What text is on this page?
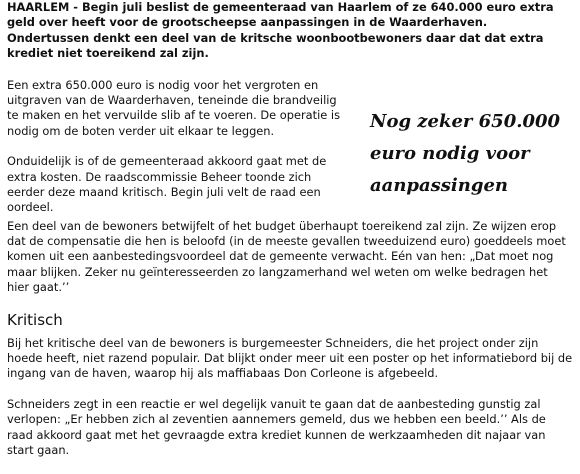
HAARLEM - Begin juli beslist de gemeenteraad van Haarlem of ze 640.000 euro extra geld over heeft voor de grootscheepse aanpassingen in de Waarderhaven. Ondertussen denkt een deel van de kritsche woonbootbewoners daar dat dat extra krediet niet toereikend zal zijn.

Een extra 650.000 euro is nodig voor het vergroten en uitgraven van de Waarderhaven, teneinde die brandveilig te maken en het vervuilde slib af te voeren. De operatie is nodig om de boten verder uit elkaar te leggen.

Onduidelijk is of de gemeenteraad akkoord gaat met de extra kosten. De raadscommissie Beheer toonde zich eerder deze maand kritisch. Begin juli velt de raad een oordeel.

Nog zeker 650.000 euro nodig voor aanpassingen

Een deel van de bewoners betwijfelt of het budget überhaupt toereikend zal zijn. Ze wijzen erop dat de compensatie die hen is beloofd (in de meeste gevallen tweeduizend euro) goeddeels moet komen uit een aanbestedingsvoordeel dat de gemeente verwacht. Eén van hen: „Dat moet nog maar blijken. Zeker nu geïnteresseerden zo langzamerhand wel weten om welke bedragen het hier gaat.’’

Kritisch

Bij het kritische deel van de bewoners is burgemeester Schneiders, die het project onder zijn hoede heeft, niet razend populair. Dat blijkt onder meer uit een poster op het informatiebord bij de ingang van de haven, waarop hij als maffiabaas Don Corleone is afgebeeld.

Schneiders zegt in een reactie er wel degelijk vanuit te gaan dat de aanbesteding gunstig zal verlopen: „Er hebben zich al zeventien aannemers gemeld, dus we hebben een beeld.’’ Als de raad akkoord gaat met het gevraagde extra krediet kunnen de werkzaamheden dit najaar van start gaan.
